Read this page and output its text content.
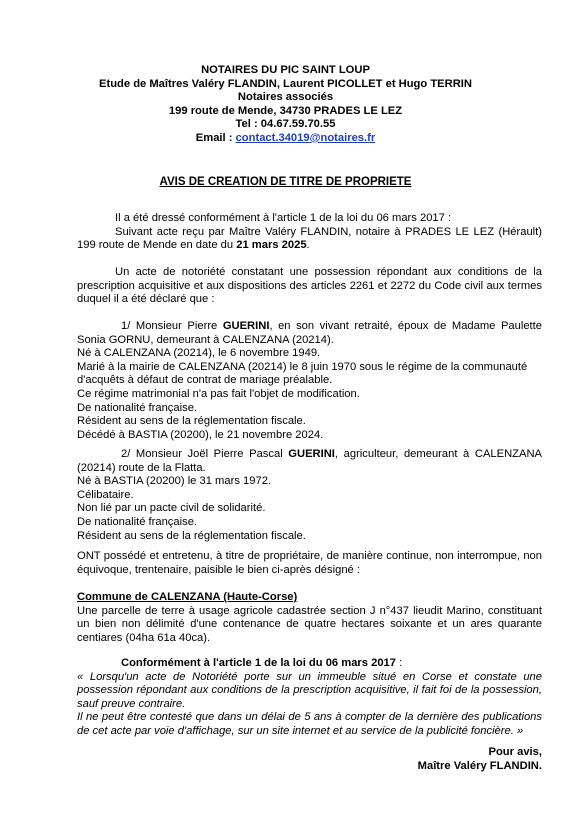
NOTAIRES DU PIC SAINT LOUP
Etude de Maîtres Valéry FLANDIN, Laurent PICOLLET et Hugo TERRIN
Notaires associés
199 route de Mende, 34730 PRADES LE LEZ
Tel : 04.67.59.70.55
Email : contact.34019@notaires.fr
AVIS DE CREATION DE TITRE DE PROPRIETE

Il a été dressé conformément à l'article 1 de la loi du 06 mars 2017 :

Suivant acte reçu par Maître Valéry FLANDIN, notaire à PRADES LE LEZ (Hérault) 199 route de Mende en date du 21 mars 2025.

Un acte de notoriété constatant une possession répondant aux conditions de la prescription acquisitive et aux dispositions des articles 2261 et 2272 du Code civil aux termes duquel il a été déclaré que :

1/ Monsieur Pierre GUERINI, en son vivant retraité, époux de Madame Paulette Sonia GORNU, demeurant à CALENZANA (20214).

Né à CALENZANA (20214), le 6 novembre 1949.

Marié à la mairie de CALENZANA (20214) le 8 juin 1970 sous le régime de la communauté d'acquêts à défaut de contrat de mariage préalable.

Ce régime matrimonial n'a pas fait l'objet de modification.

De nationalité française.

Résident au sens de la réglementation fiscale.

Décédé à BASTIA (20200), le 21 novembre 2024.

2/ Monsieur Joël Pierre Pascal GUERINI, agriculteur, demeurant à CALENZANA (20214) route de la Flatta.

Né à BASTIA (20200) le 31 mars 1972.

Célibataire.

Non lié par un pacte civil de solidarité.

De nationalité française.

Résident au sens de la réglementation fiscale.

ONT possédé et entretenu, à titre de propriétaire, de manière continue, non interrompue, non équivoque, trentenaire, paisible le bien ci-après désigné :

Commune de CALENZANA (Haute-Corse)

Une parcelle de terre à usage agricole cadastrée section J n°437 lieudit Marino, constituant un bien non délimité d'une contenance de quatre hectares soixante et un ares quarante centiares (04ha 61a 40ca).

Conformément à l'article 1 de la loi du 06 mars 2017 :

« Lorsqu'un acte de Notoriété porte sur un immeuble situé en Corse et constate une possession répondant aux conditions de la prescription acquisitive, il fait foi de la possession, sauf preuve contraire.

Il ne peut être contesté que dans un délai de 5 ans à compter de la dernière des publications de cet acte par voie d'affichage, sur un site internet et au service de la publicité foncière. »

Pour avis,
Maître Valéry FLANDIN.
